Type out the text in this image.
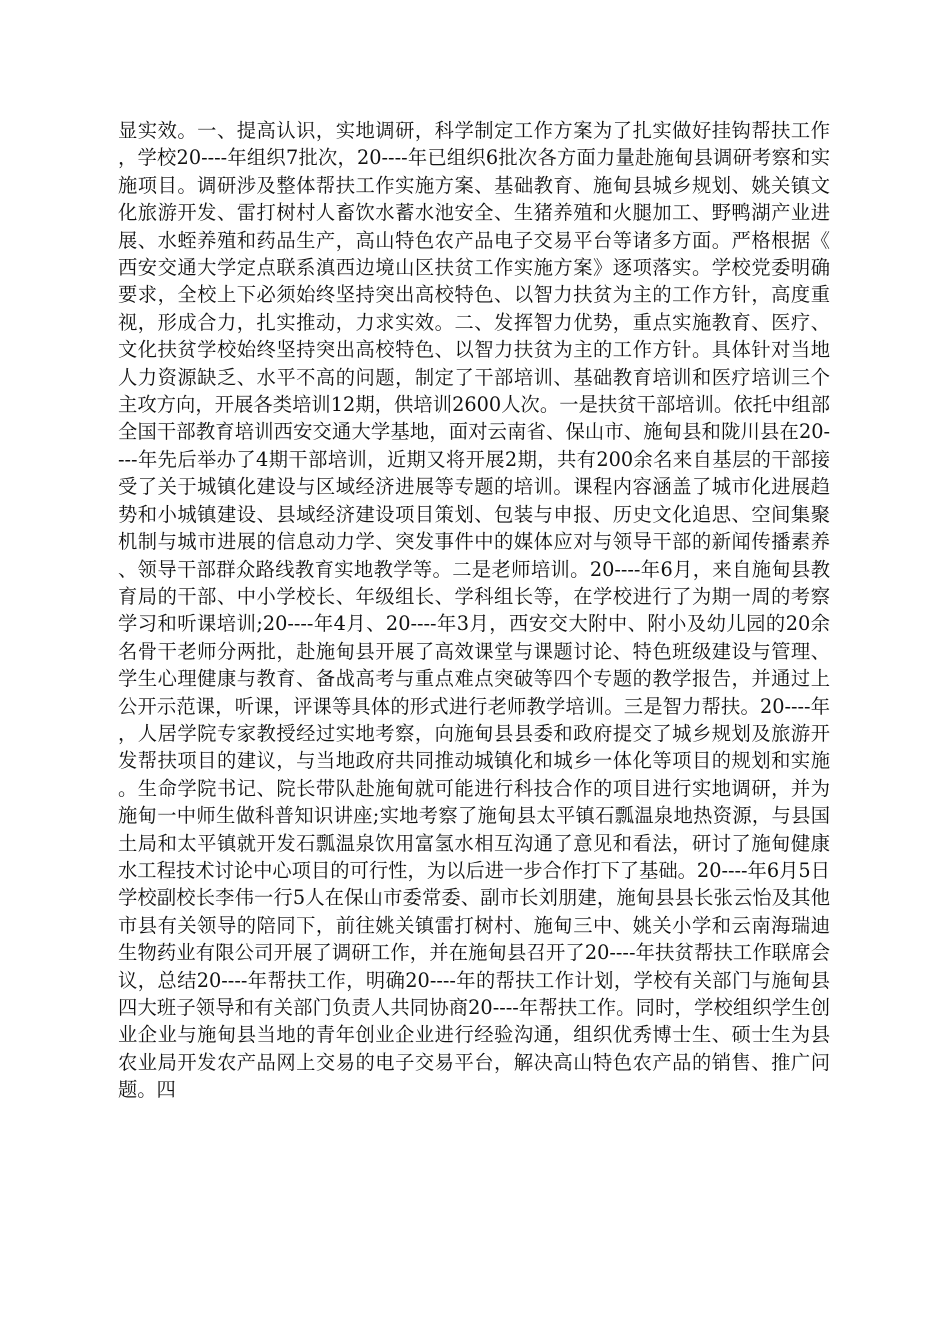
显实效。一、提高认识，实地调研，科学制定工作方案为了扎实做好挂钩帮扶工作，学校20----年组织7批次，20----年已组织6批次各方面力量赴施甸县调研考察和实施项目。调研涉及整体帮扶工作实施方案、基础教育、施甸县城乡规划、姚关镇文化旅游开发、雷打树村人畜饮水蓄水池安全、生猪养殖和火腿加工、野鸭湖产业进展、水蛭养殖和药品生产，高山特色农产品电子交易平台等诸多方面。严格根据《西安交通大学定点联系滇西边境山区扶贫工作实施方案》逐项落实。学校党委明确要求，全校上下必须始终坚持突出高校特色、以智力扶贫为主的工作方针，高度重视，形成合力，扎实推动，力求实效。二、发挥智力优势，重点实施教育、医疗、文化扶贫学校始终坚持突出高校特色、以智力扶贫为主的工作方针。具体针对当地人力资源缺乏、水平不高的问题，制定了干部培训、基础教育培训和医疗培训三个主攻方向，开展各类培训12期，供培训2600人次。一是扶贫干部培训。依托中组部全国干部教育培训西安交通大学基地，面对云南省、保山市、施甸县和陇川县在20----年先后举办了4期干部培训，近期又将开展2期，共有200余名来自基层的干部接受了关于城镇化建设与区域经济进展等专题的培训。课程内容涵盖了城市化进展趋势和小城镇建设、县域经济建设项目策划、包装与申报、历史文化追思、空间集聚机制与城市进展的信息动力学、突发事件中的媒体应对与领导干部的新闻传播素养、领导干部群众路线教育实地教学等。二是老师培训。20----年6月，来自施甸县教育局的干部、中小学校长、年级组长、学科组长等，在学校进行了为期一周的考察学习和听课培训;20----年4月、20----年3月，西安交大附中、附小及幼儿园的20余名骨干老师分两批，赴施甸县开展了高效课堂与课题讨论、特色班级建设与管理、学生心理健康与教育、备战高考与重点难点突破等四个专题的教学报告，并通过上公开示范课，听课，评课等具体的形式进行老师教学培训。三是智力帮扶。20----年，人居学院专家教授经过实地考察，向施甸县县委和政府提交了城乡规划及旅游开发帮扶项目的建议，与当地政府共同推动城镇化和城乡一体化等项目的规划和实施。生命学院书记、院长带队赴施甸就可能进行科技合作的项目进行实地调研，并为施甸一中师生做科普知识讲座;实地考察了施甸县太平镇石瓢温泉地热资源，与县国土局和太平镇就开发石瓢温泉饮用富氢水相互沟通了意见和看法，研讨了施甸健康水工程技术讨论中心项目的可行性，为以后进一步合作打下了基础。20----年6月5日学校副校长李伟一行5人在保山市委常委、副市长刘朋建，施甸县县长张云怡及其他市县有关领导的陪同下，前往姚关镇雷打树村、施甸三中、姚关小学和云南海瑞迪生物药业有限公司开展了调研工作，并在施甸县召开了20----年扶贫帮扶工作联席会议，总结20----年帮扶工作，明确20----年的帮扶工作计划，学校有关部门与施甸县四大班子领导和有关部门负责人共同协商20----年帮扶工作。同时，学校组织学生创业企业与施甸县当地的青年创业企业进行经验沟通，组织优秀博士生、硕士生为县农业局开发农产品网上交易的电子交易平台，解决高山特色农产品的销售、推广问题。四
